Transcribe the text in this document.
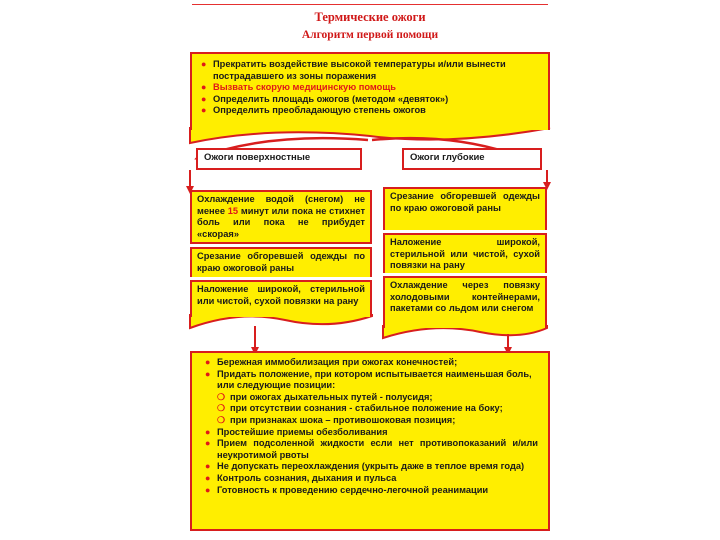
Термические ожоги
Алгоритм первой помощи
● Прекратить воздействие высокой температуры и/или вынести пострадавшего из зоны поражения
● Вызвать скорую медицинскую помощь
● Определить площадь ожогов (методом «девяток»)
● Определить преобладающую степень ожогов
Ожоги поверхностные	Ожоги глубокие
Охлаждение водой (снегом) не менее 15 минут или пока не стихнет боль или пока не прибудет «скорая»
Срезание обгоревшей одежды по краю ожоговой раны
Наложение широкой, стерильной или чистой, сухой повязки на рану
Срезание обгоревшей одежды по краю ожоговой раны
Наложение широкой, стерильной или чистой, сухой повязки на рану
Охлаждение через повязку холодовыми контейнерами, пакетами со льдом или снегом
● Бережная иммобилизация при ожогах конечностей;
● Придать положение, при котором испытывается наименьшая боль, или следующие позиции:
❍ при ожогах дыхательных путей - полусидя;
❍ при отсутствии сознания - стабильное положение на боку;
❍ при признаках шока – противошоковая позиция;
● Простейшие приемы обезболивания
● Прием подсоленной жидкости если нет противопоказаний и/или неукротимой рвоты
● Не допускать переохлаждения (укрыть даже в теплое время года)
● Контроль сознания, дыхания и пульса
● Готовность к проведению сердечно-легочной реанимации
